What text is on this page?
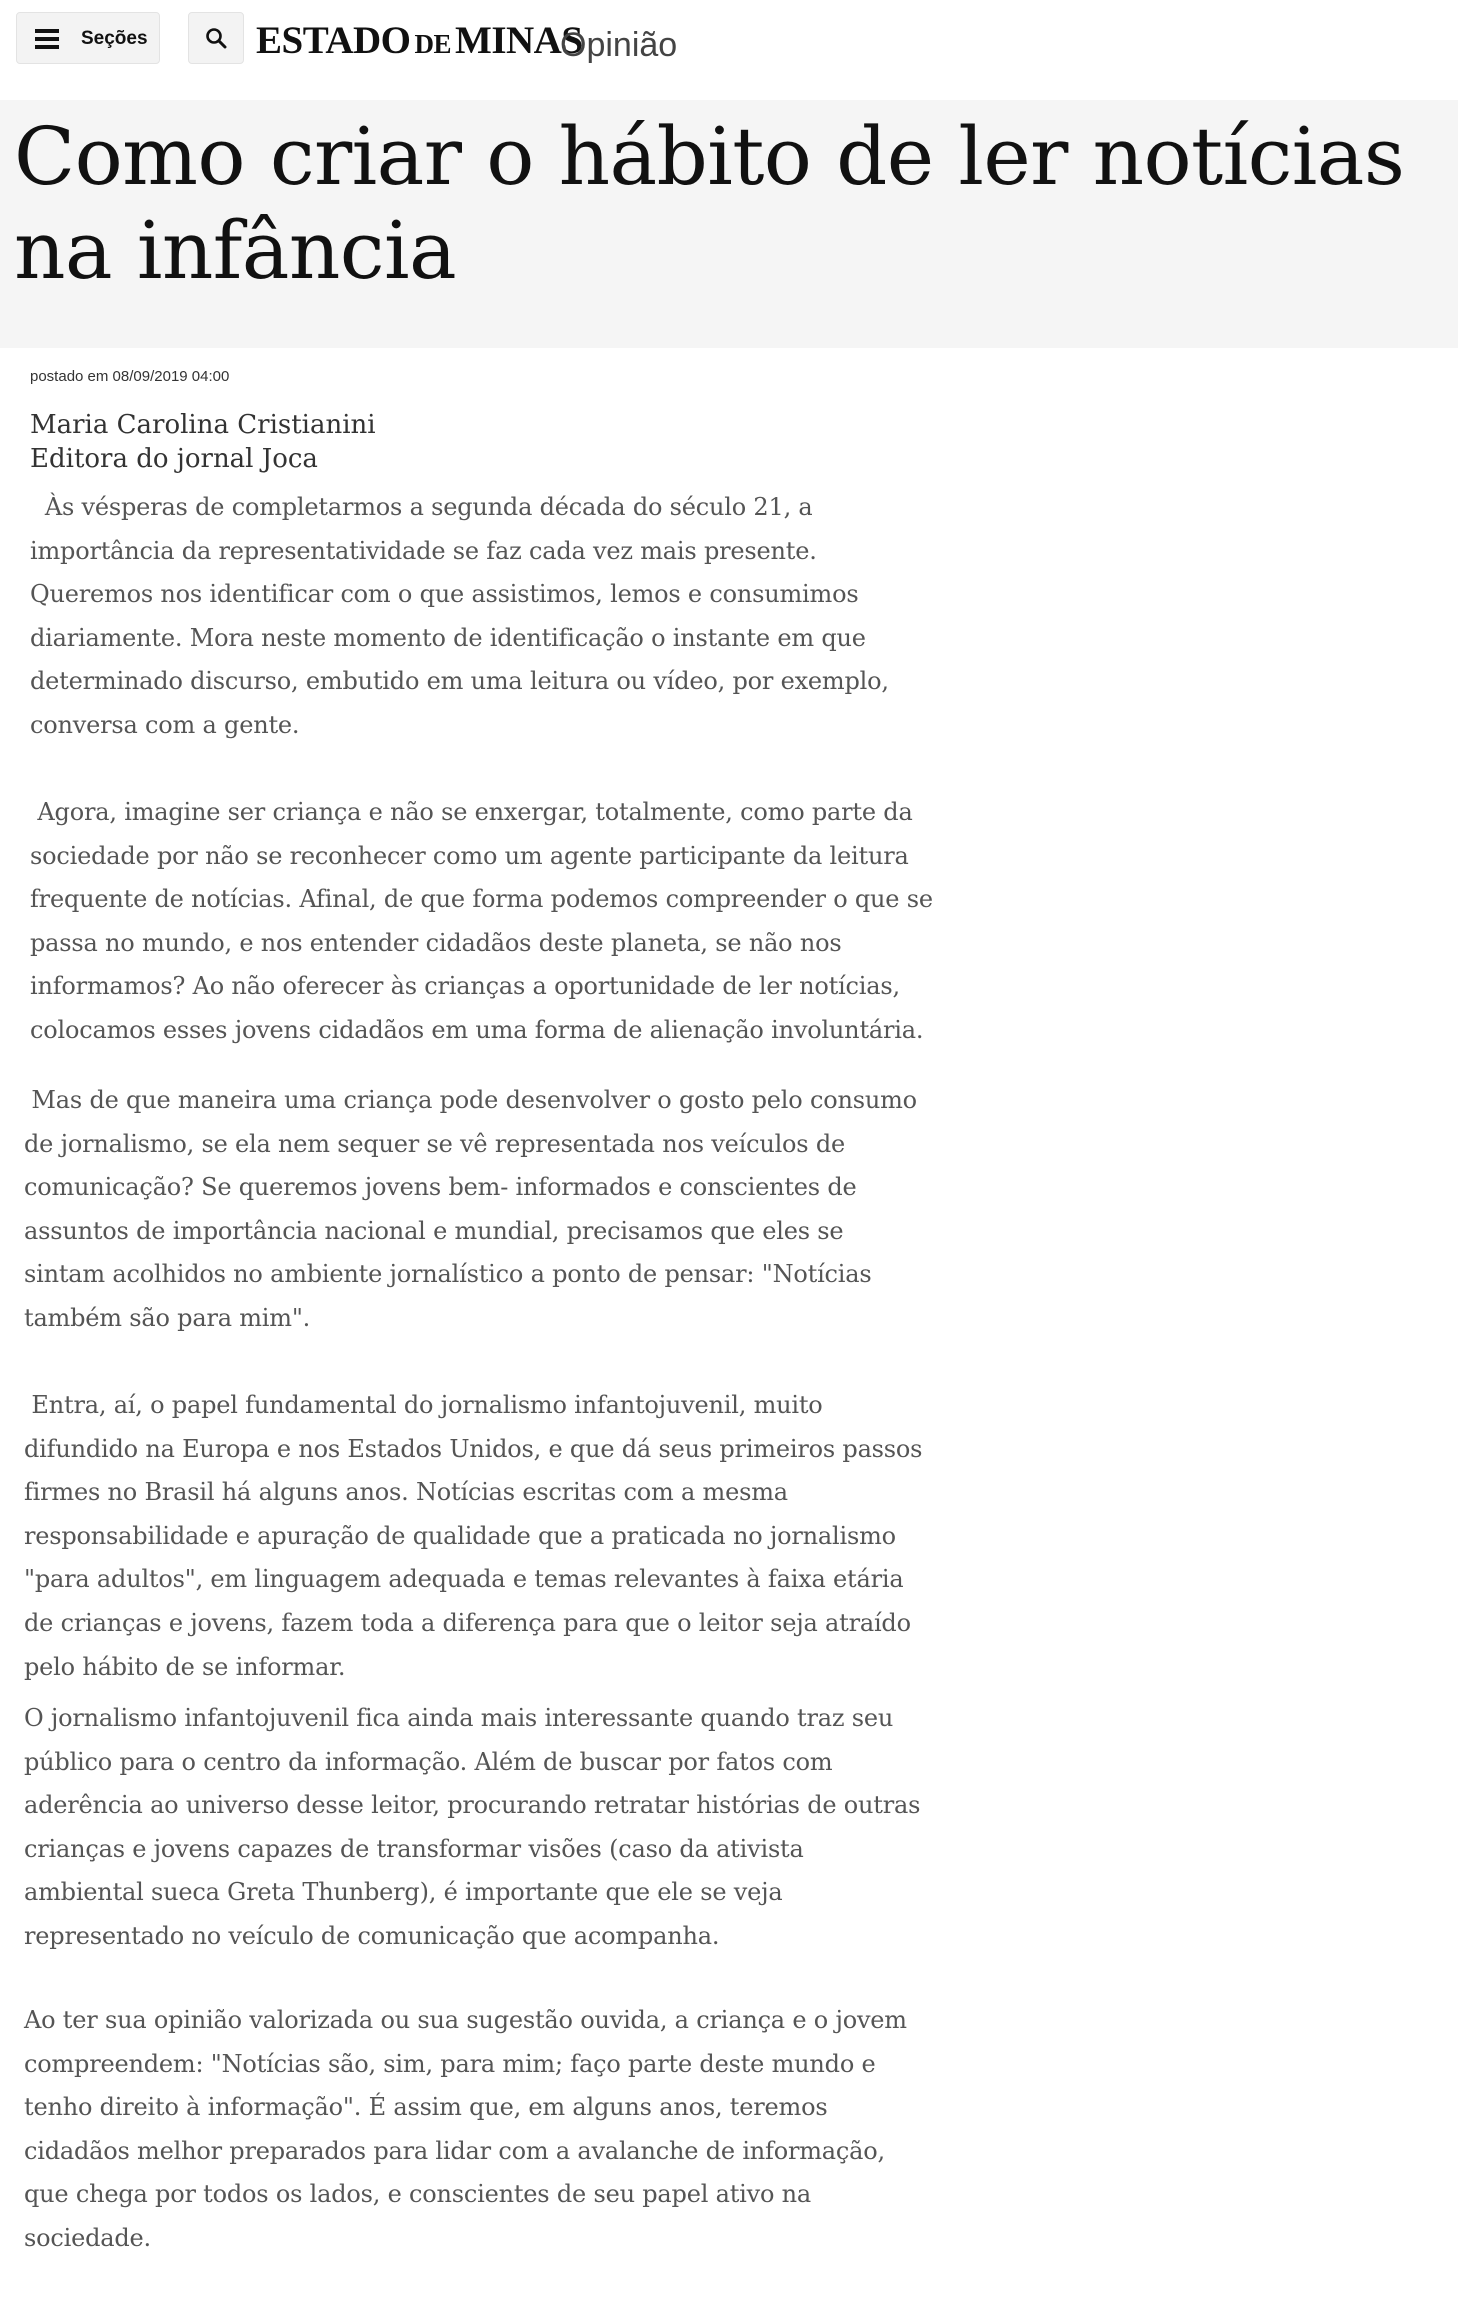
Seções	ESTADO DE MINAS
Opinião
Como criar o hábito de ler notícias
na infância
postado em 08/09/2019 04:00
Maria Carolina Cristianini
Editora do jornal Joca

Às vésperas de completarmos a segunda década do século 21, a
importância da representatividade se faz cada vez mais presente.
Queremos nos identificar com o que assistimos, lemos e consumimos
diariamente. Mora neste momento de identificação o instante em que
determinado discurso, embutido em uma leitura ou vídeo, por exemplo,
conversa com a gente.

Agora, imagine ser criança e não se enxergar, totalmente, como parte da
sociedade por não se reconhecer como um agente participante da leitura
frequente de notícias. Afinal, de que forma podemos compreender o que se
passa no mundo, e nos entender cidadãos deste planeta, se não nos
informamos? Ao não oferecer às crianças a oportunidade de ler notícias,
colocamos esses jovens cidadãos em uma forma de alienação involuntária.

Mas de que maneira uma criança pode desenvolver o gosto pelo consumo
de jornalismo, se ela nem sequer se vê representada nos veículos de
comunicação? Se queremos jovens bem- informados e conscientes de
assuntos de importância nacional e mundial, precisamos que eles se
sintam acolhidos no ambiente jornalístico a ponto de pensar: "Notícias
também são para mim".

Entra, aí, o papel fundamental do jornalismo infantojuvenil, muito
difundido na Europa e nos Estados Unidos, e que dá seus primeiros passos
firmes no Brasil há alguns anos. Notícias escritas com a mesma
responsabilidade e apuração de qualidade que a praticada no jornalismo
"para adultos", em linguagem adequada e temas relevantes à faixa etária
de crianças e jovens, fazem toda a diferença para que o leitor seja atraído
pelo hábito de se informar.

O jornalismo infantojuvenil fica ainda mais interessante quando traz seu
público para o centro da informação. Além de buscar por fatos com
aderência ao universo desse leitor, procurando retratar histórias de outras
crianças e jovens capazes de transformar visões (caso da ativista
ambiental sueca Greta Thunberg), é importante que ele se veja
representado no veículo de comunicação que acompanha.

Ao ter sua opinião valorizada ou sua sugestão ouvida, a criança e o jovem
compreendem: "Notícias são, sim, para mim; faço parte deste mundo e
tenho direito à informação". É assim que, em alguns anos, teremos
cidadãos melhor preparados para lidar com a avalanche de informação,
que chega por todos os lados, e conscientes de seu papel ativo na
sociedade.
